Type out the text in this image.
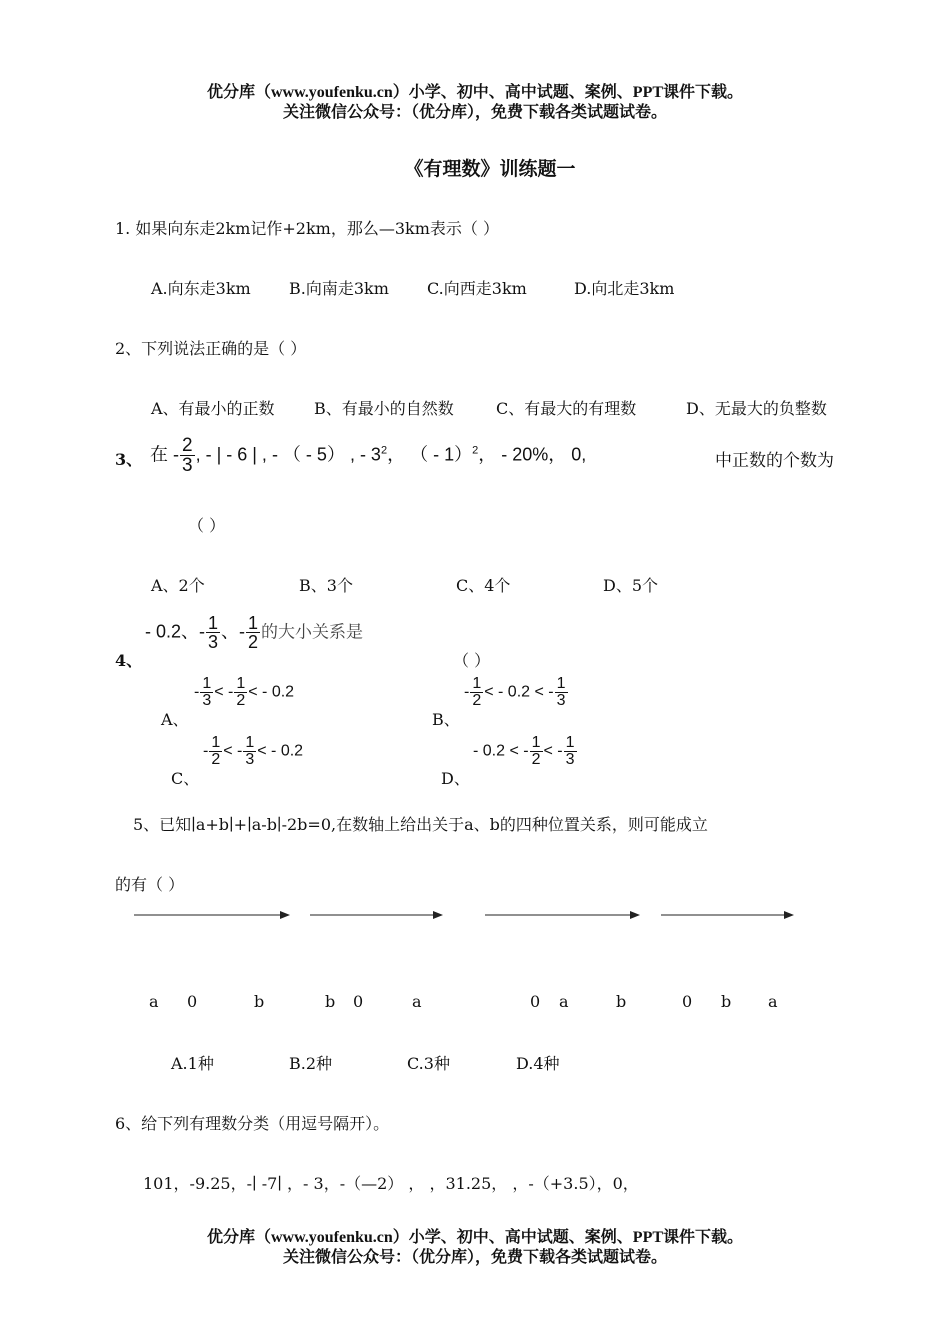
优分库（www.youfenku.cn）小学、初中、高中试题、案例、PPT课件下载。
关注微信公众号：（优分库），免费下载各类试题试卷。
《有理数》训练题一
1. 如果向东走2km记作+2km，那么—3km表示（ ）
A.向东走3km B.向南走3km C.向西走3km	D.向北走3km
2、下列说法正确的是（ ）
A、有最小的正数 B、有最小的自然数	C、有最大的有理数	D、无最大的负整数
3、 在 - $\frac{2}{3}$ , - | - 6 | , - （ - 5） , - $3^2$， （ - 1）$^2$， - 20%， 0,	中正数的个数为
（ ）
A、2个	B、3个	C、4个	D、5个
- 0.2、- $\frac{1}{3}$ 、- $\frac{1}{2}$ 的大小关系是
4、	（ ）
A、
- $\frac{1}{3}$ < - $\frac{1}{2}$ < - 0.2
B、
- $\frac{1}{2}$ < - 0.2 < - $\frac{1}{3}$
C、
- $\frac{1}{2}$ < - $\frac{1}{3}$ < - 0.2
D、
- 0.2 < - $\frac{1}{2}$ < - $\frac{1}{3}$
5、已知∣a+b∣+∣a-b∣-2b=0,在数轴上给出关于a、b的四种位置关系，则可能成立
的有（ ）
a 0	b	b 0	a	0 a	b	0 b a
A.1种	B.2种	C.3种	D.4种
6、给下列有理数分类（用逗号隔开）。
101，-9.25，-∣ -7∣ ，- 3，-（—2） ， ，31.25， ，-（+3.5），0，
优分库（www.youfenku.cn）小学、初中、高中试题、案例、PPT课件下载。
关注微信公众号：（优分库），免费下载各类试题试卷。
